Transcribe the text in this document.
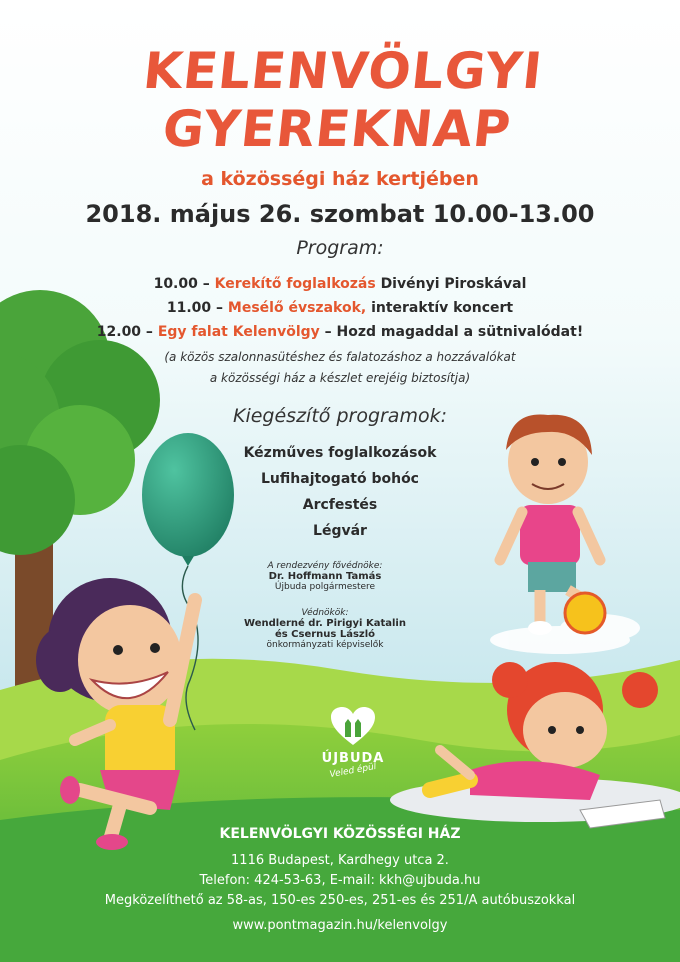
KELENVÖLGYI GYEREKNAP
a közösségi ház kertjében
2018. május 26. szombat 10.00-13.00
Program:
10.00 – Kerekítő foglalkozás Divényi Piroskával
11.00 – Mesélő évszakok, interaktív koncert
12.00 – Egy falat Kelenvölgy – Hozd magaddal a sütnivalódat!
(a közös szalonnasütéshez és falatozáshoz a hozzávalókat
a közösségi ház a készlet erejéig biztosítja)
Kiegészítő programok:
Kézműves foglalkozások
Lufihajtogató bohóc
Arcfestés
Légvár
A rendezvény fővédnöke:
Dr. Hoffmann Tamás
Újbuda polgármestere
Védnökök:
Wendlerné dr. Pirigyi Katalin
és Csernus László
önkormányzati képviselők
ÚJBUDA
Veled épül
KELENVÖLGYI KÖZÖSSÉGI HÁZ
1116 Budapest, Kardhegy utca 2.
Telefon: 424-53-63, E-mail: kkh@ujbuda.hu
Megközelíthető az 58-as, 150-es 250-es, 251-es és 251/A autóbuszokkal
www.pontmagazin.hu/kelenvolgy
